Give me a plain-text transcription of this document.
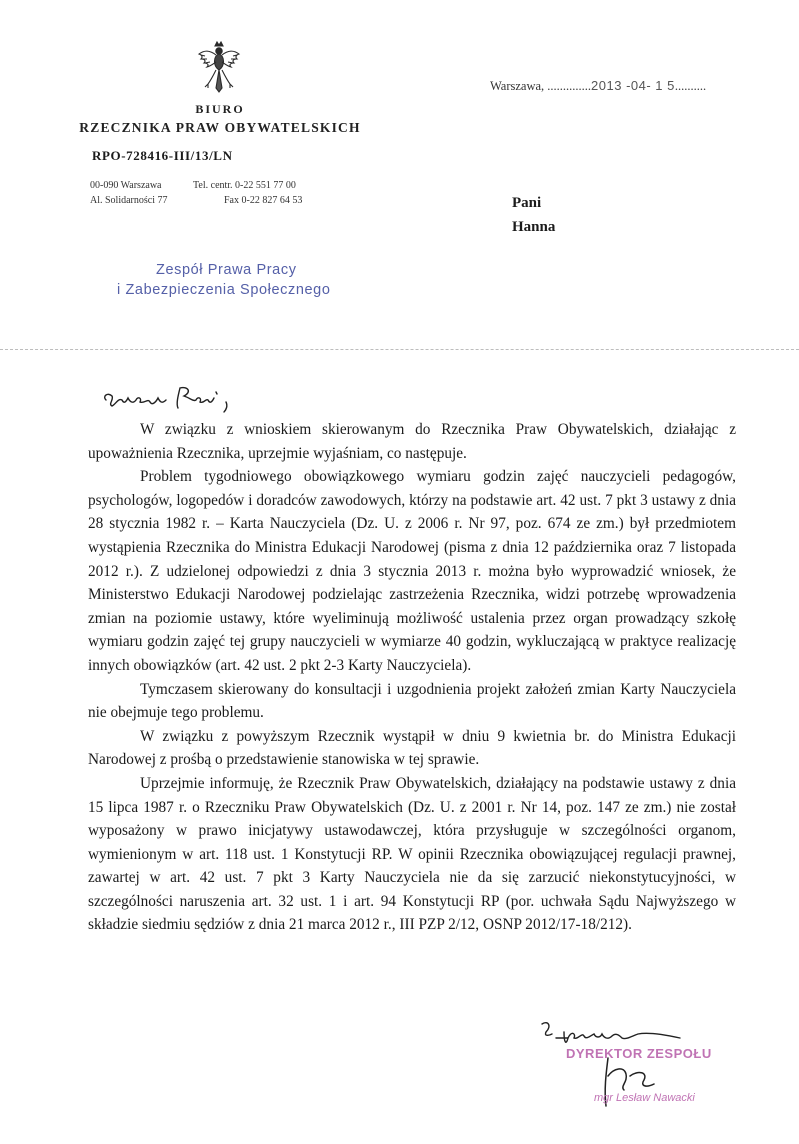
BIURO
RZECZNIKA PRAW OBYWATELSKICH
RPO-728416-III/13/LN
00-090 Warszawa
Al. Solidarności 77
Tel. centr. 0-22 551 77 00
Fax 0-22 827 64 53
Warszawa, ..............2013 -04- 1 5..........
Pani
Hanna
Zespół Prawa Pracy
i Zabezpieczenia Społecznego

W związku z wnioskiem skierowanym do Rzecznika Praw Obywatelskich, działając z upoważnienia Rzecznika, uprzejmie wyjaśniam, co następuje.

Problem tygodniowego obowiązkowego wymiaru godzin zajęć nauczycieli pedagogów, psychologów, logopedów i doradców zawodowych, którzy na podstawie art. 42 ust. 7 pkt 3 ustawy z dnia 28 stycznia 1982 r. – Karta Nauczyciela (Dz. U. z 2006 r. Nr 97, poz. 674 ze zm.) był przedmiotem wystąpienia Rzecznika do Ministra Edukacji Narodowej (pisma z dnia 12 października oraz 7 listopada 2012 r.). Z udzielonej odpowiedzi z dnia 3 stycznia 2013 r. można było wyprowadzić wniosek, że Ministerstwo Edukacji Narodowej podzielając zastrzeżenia Rzecznika, widzi potrzebę wprowadzenia zmian na poziomie ustawy, które wyeliminują możliwość ustalenia przez organ prowadzący szkołę wymiaru godzin zajęć tej grupy nauczycieli w wymiarze 40 godzin, wykluczającą w praktyce realizację innych obowiązków (art. 42 ust. 2 pkt 2-3 Karty Nauczyciela).

Tymczasem skierowany do konsultacji i uzgodnienia projekt założeń zmian Karty Nauczyciela nie obejmuje tego problemu.

W związku z powyższym Rzecznik wystąpił w dniu 9 kwietnia br. do Ministra Edukacji Narodowej z prośbą o przedstawienie stanowiska w tej sprawie.

Uprzejmie informuję, że Rzecznik Praw Obywatelskich, działający na podstawie ustawy z dnia 15 lipca 1987 r. o Rzeczniku Praw Obywatelskich (Dz. U. z 2001 r. Nr 14, poz. 147 ze zm.) nie został wyposażony w prawo inicjatywy ustawodawczej, która przysługuje w szczególności organom, wymienionym w art. 118 ust. 1 Konstytucji RP. W opinii Rzecznika obowiązującej regulacji prawnej, zawartej w art. 42 ust. 7 pkt 3 Karty Nauczyciela nie da się zarzucić niekonstytucyjności, w szczególności naruszenia art. 32 ust. 1 i art. 94 Konstytucji RP (por. uchwała Sądu Najwyższego w składzie siedmiu sędziów z dnia 21 marca 2012 r., III PZP 2/12, OSNP 2012/17-18/212).

DYREKTOR ZESPOŁU
mgr Lesław Nawacki
